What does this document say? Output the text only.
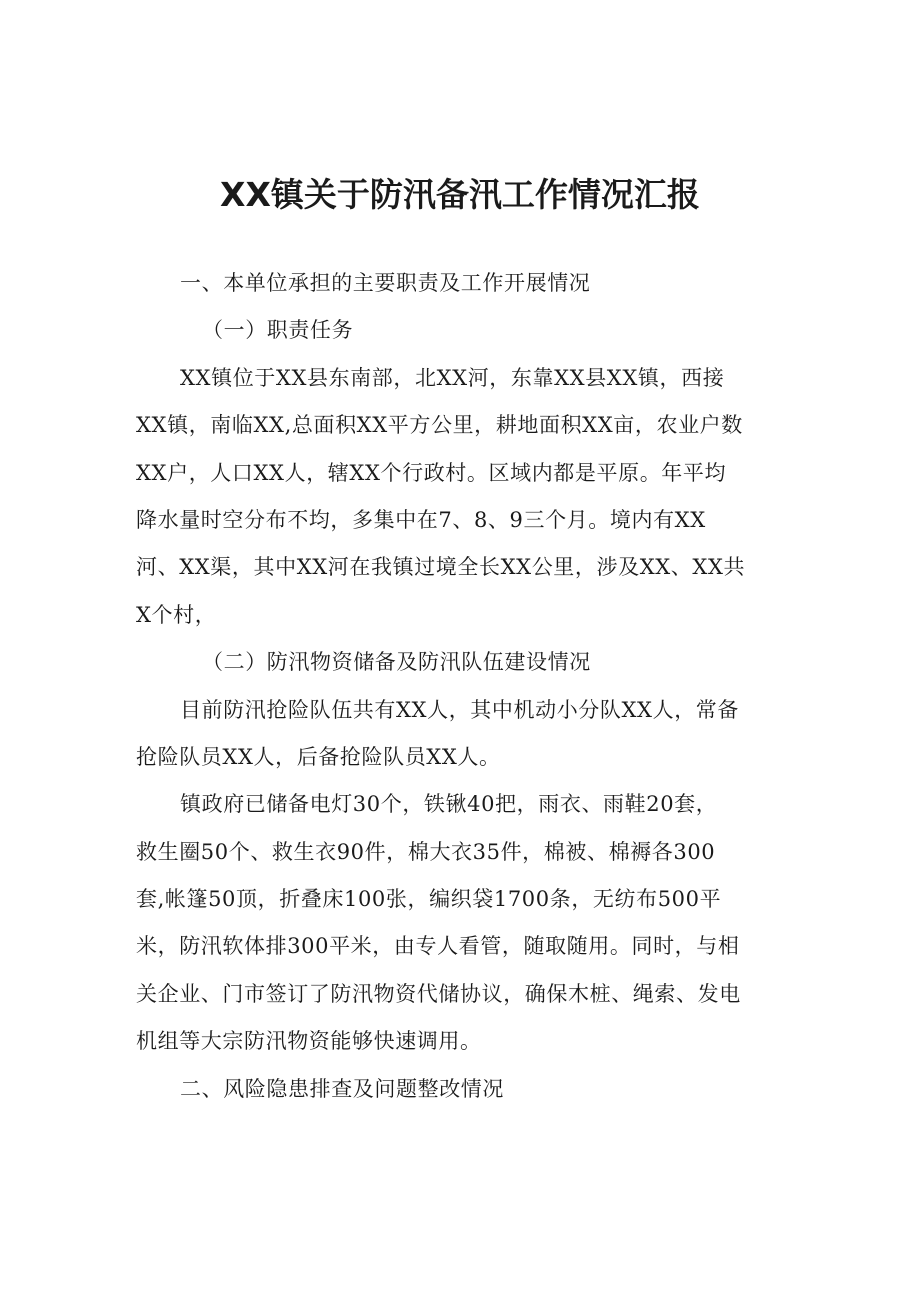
XX镇关于防汛备汛工作情况汇报
一、本单位承担的主要职责及工作开展情况
（一）职责任务
XX镇位于XX县东南部，北XX河，东靠XX县XX镇，西接
XX镇，南临XX,总面积XX平方公里，耕地面积XX亩，农业户数
XX户，人口XX人，辖XX个行政村。区域内都是平原。年平均
降水量时空分布不均，多集中在7、8、9三个月。境内有XX
河、XX渠，其中XX河在我镇过境全长XX公里，涉及XX、XX共
X个村，
（二）防汛物资储备及防汛队伍建设情况
目前防汛抢险队伍共有XX人，其中机动小分队XX人，常备
抢险队员XX人，后备抢险队员XX人。
镇政府已储备电灯30个，铁锹40把，雨衣、雨鞋20套，
救生圈50个、救生衣90件，棉大衣35件，棉被、棉褥各300
套,帐篷50顶，折叠床100张，编织袋1700条，无纺布500平
米，防汛软体排300平米，由专人看管，随取随用。同时，与相
关企业、门市签订了防汛物资代储协议，确保木桩、绳索、发电
机组等大宗防汛物资能够快速调用。
二、风险隐患排查及问题整改情况
